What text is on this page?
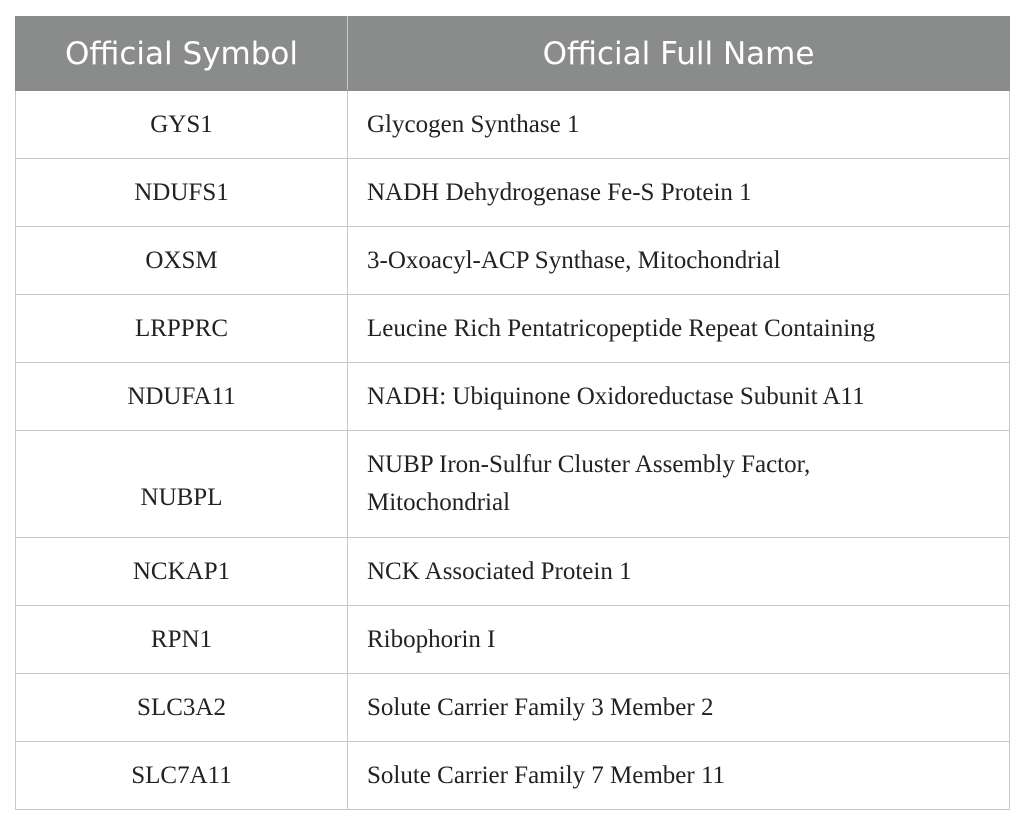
Official Symbol	Official Full Name
GYS1	Glycogen Synthase 1
NDUFS1	NADH Dehydrogenase Fe-S Protein 1
OXSM	3-Oxoacyl-ACP Synthase, Mitochondrial
LRPPRC	Leucine Rich Pentatricopeptide Repeat Containing
NDUFA11	NADH: Ubiquinone Oxidoreductase Subunit A11
NUBPL	NUBP Iron-Sulfur Cluster Assembly Factor, Mitochondrial
NCKAP1	NCK Associated Protein 1
RPN1	Ribophorin I
SLC3A2	Solute Carrier Family 3 Member 2
SLC7A11	Solute Carrier Family 7 Member 11
